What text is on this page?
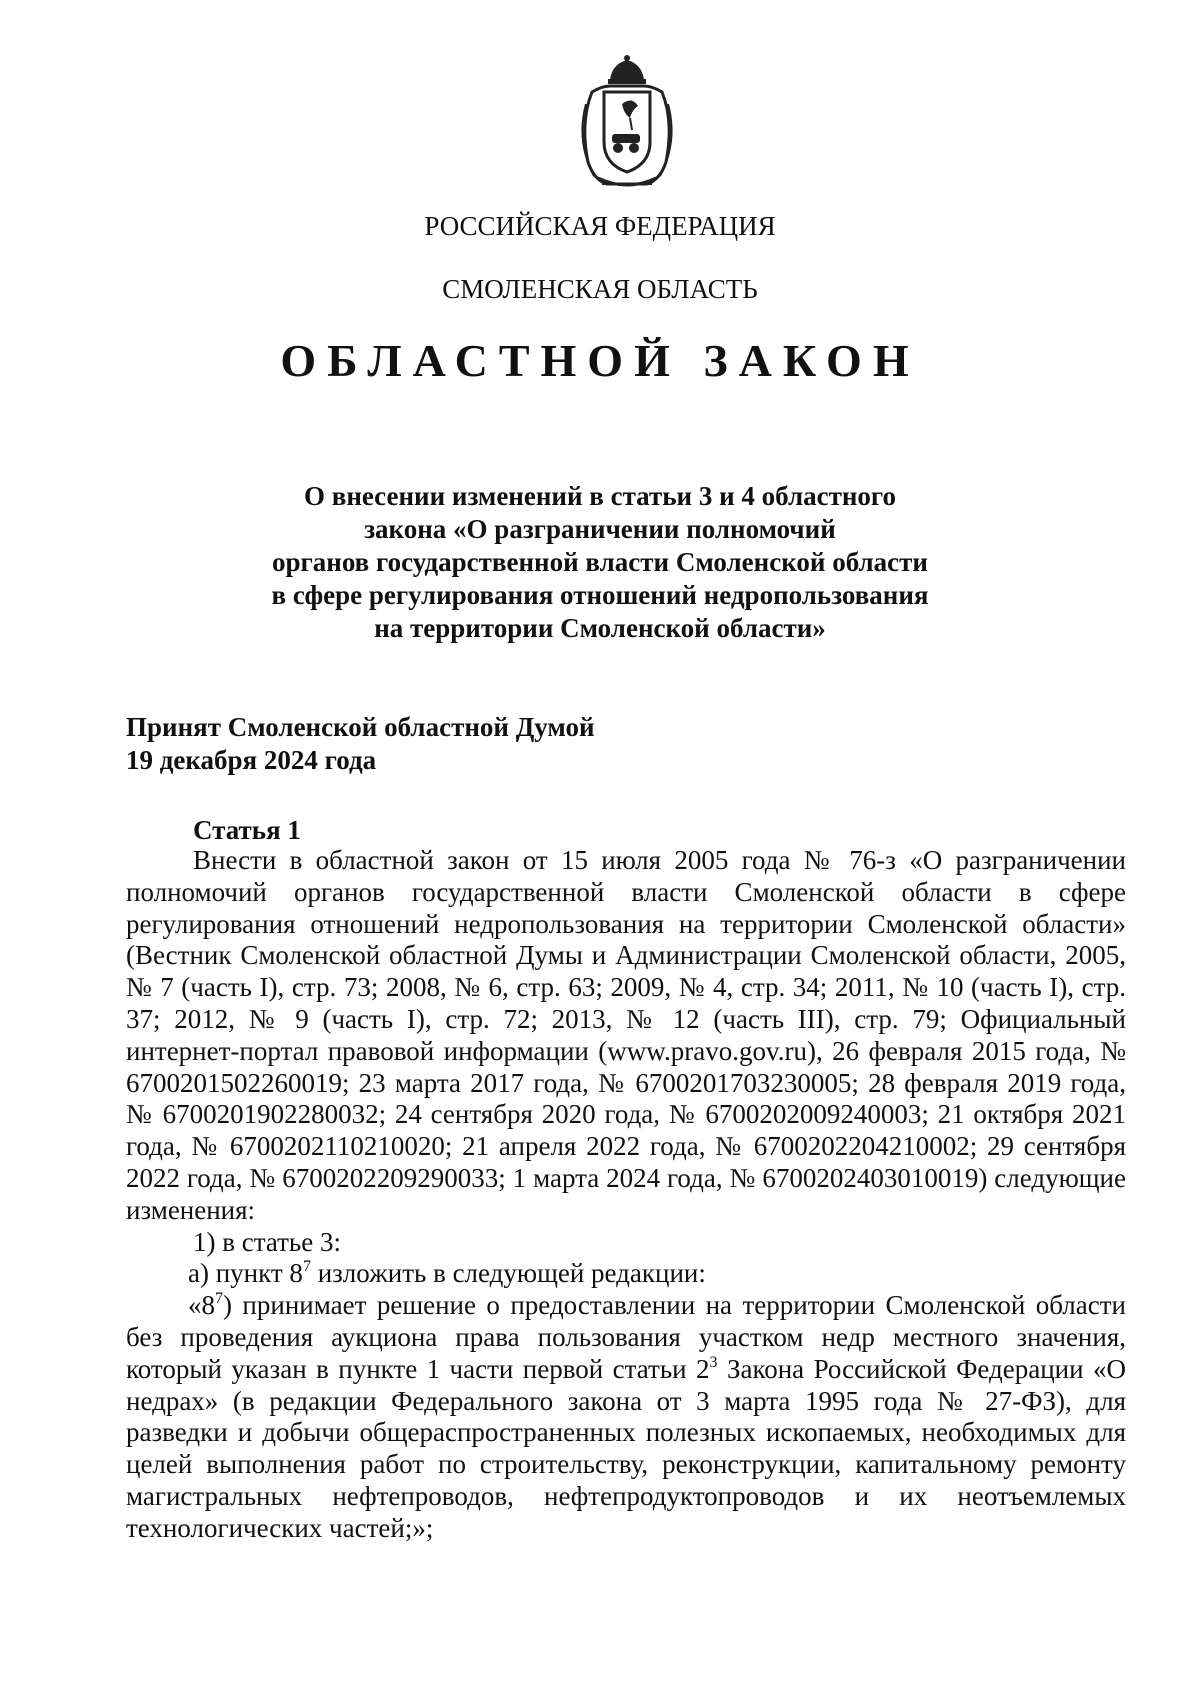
РОССИЙСКАЯ ФЕДЕРАЦИЯ
СМОЛЕНСКАЯ ОБЛАСТЬ
ОБЛАСТНОЙ ЗАКОН
О внесении изменений в статьи 3 и 4 областного
закона «О разграничении полномочий
органов государственной власти Смоленской области
в сфере регулирования отношений недропользования
на территории Смоленской области»
Принят Смоленской областной Думой
19 декабря 2024 года
Статья 1

Внести в областной закон от 15 июля 2005 года № 76-з «О разграничении полномочий органов государственной власти Смоленской области в сфере регулирования отношений недропользования на территории Смоленской области» (Вестник Смоленской областной Думы и Администрации Смоленской области, 2005, № 7 (часть I), стр. 73; 2008, № 6, стр. 63; 2009, № 4, стр. 34; 2011, № 10 (часть I), стр. 37; 2012, № 9 (часть I), стр. 72; 2013, № 12 (часть III), стр. 79; Официальный интернет-портал правовой информации (www.pravo.gov.ru), 26 февраля 2015 года, № 6700201502260019; 23 марта 2017 года, № 6700201703230005; 28 февраля 2019 года, № 6700201902280032; 24 сентября 2020 года, № 6700202009240003; 21 октября 2021 года, № 6700202110210020; 21 апреля 2022 года, № 6700202204210002; 29 сентября 2022 года, № 6700202209290033; 1 марта 2024 года, № 6700202403010019) следующие изменения:

1) в статье 3:

а) пункт $8^7$ изложить в следующей редакции:

«$8^7$) принимает решение о предоставлении на территории Смоленской области без проведения аукциона права пользования участком недр местного значения, который указан в пункте 1 части первой статьи $2^3$ Закона Российской Федерации «О недрах» (в редакции Федерального закона от 3 марта 1995 года № 27-ФЗ), для разведки и добычи общераспространенных полезных ископаемых, необходимых для целей выполнения работ по строительству, реконструкции, капитальному ремонту магистральных нефтепроводов, нефтепродуктопроводов и их неотъемлемых технологических частей;»;
